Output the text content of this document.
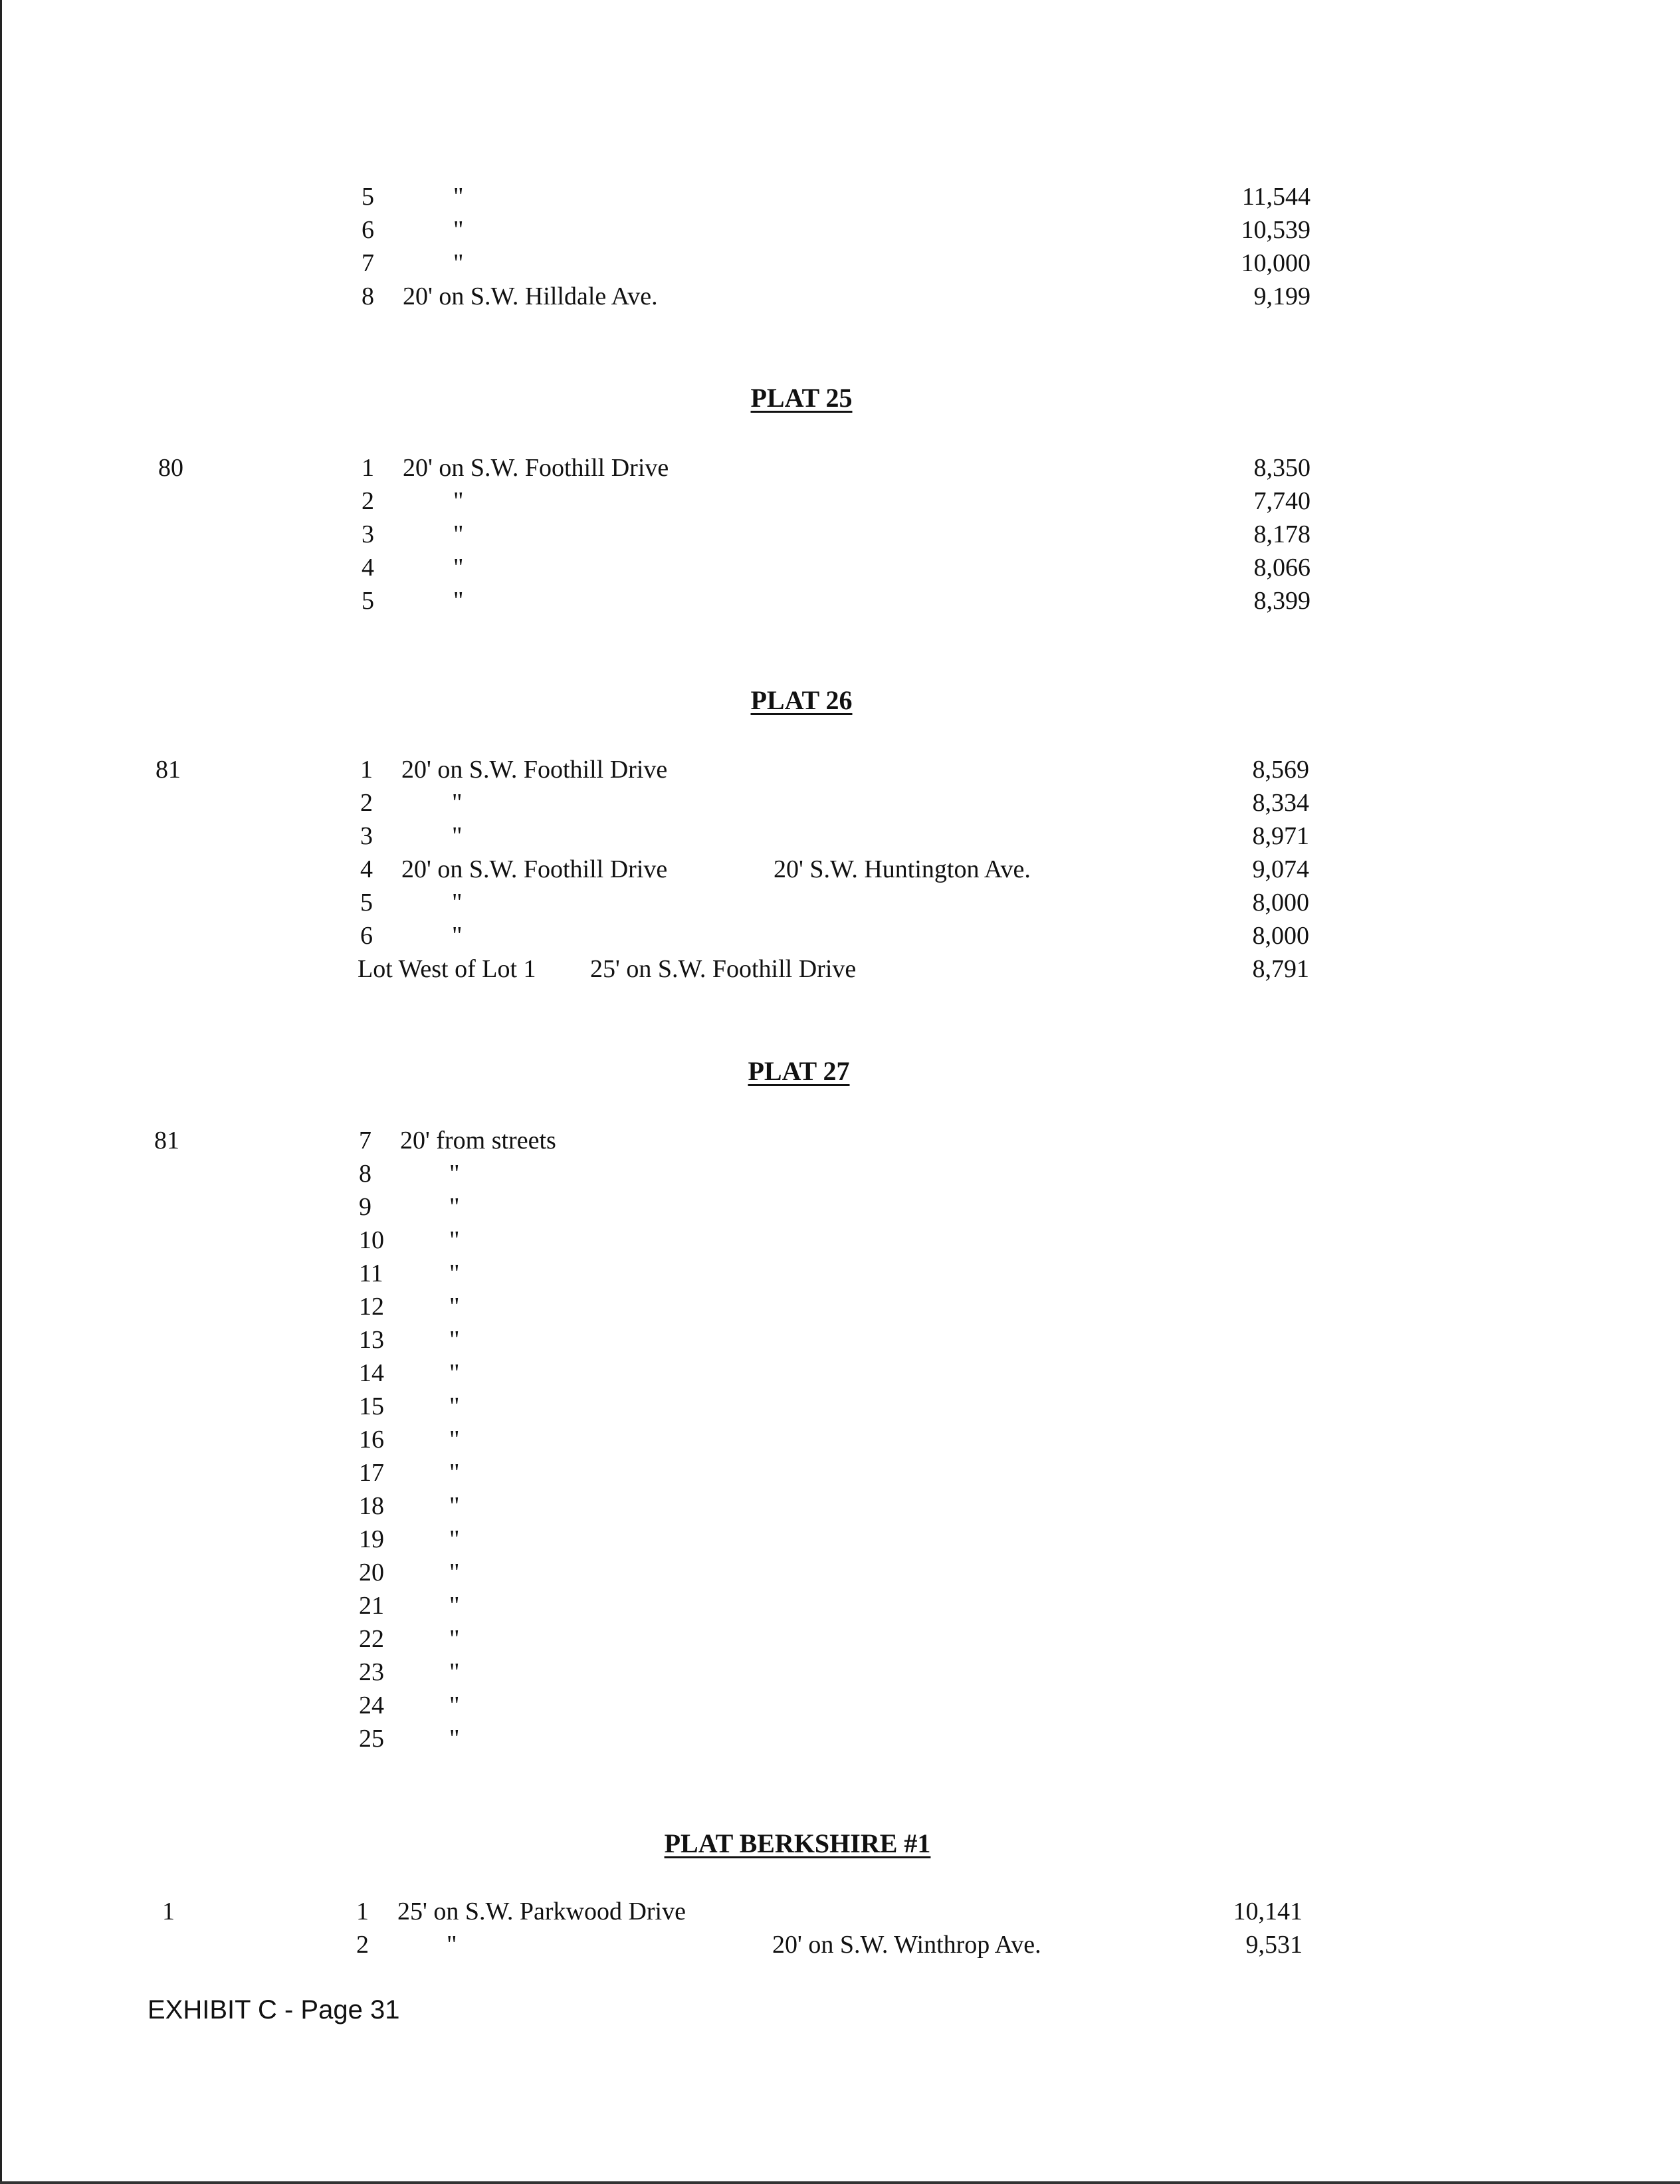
5	"	11,544
6	"	10,539
7	"	10,000
8 20' on S.W. Hilldale Ave.	9,199
PLAT 25
80	1 20' on S.W. Foothill Drive	8,350
2	"	7,740
3	"	8,178
4	"	8,066
5	"	8,399
PLAT 26
81	1 20' on S.W. Foothill Drive	8,569
2	"	8,334
3	"	8,971
4 20' on S.W. Foothill Drive	20' S.W. Huntington Ave.	9,074
5	"	8,000
6	"	8,000
Lot West of Lot 1 25' on S.W. Foothill Drive	8,791
PLAT 27
81	7 20' from streets
8	"
9	"
10	"
11	"
12	"
13	"
14	"
15	"
16	"
17	"
18	"
19	"
20	"
21	"
22	"
23	"
24	"
25	"
PLAT BERKSHIRE #1
1	1 25' on S.W. Parkwood Drive	10,141
2	"	20' on S.W. Winthrop Ave.	9,531
EXHIBIT C - Page 31
